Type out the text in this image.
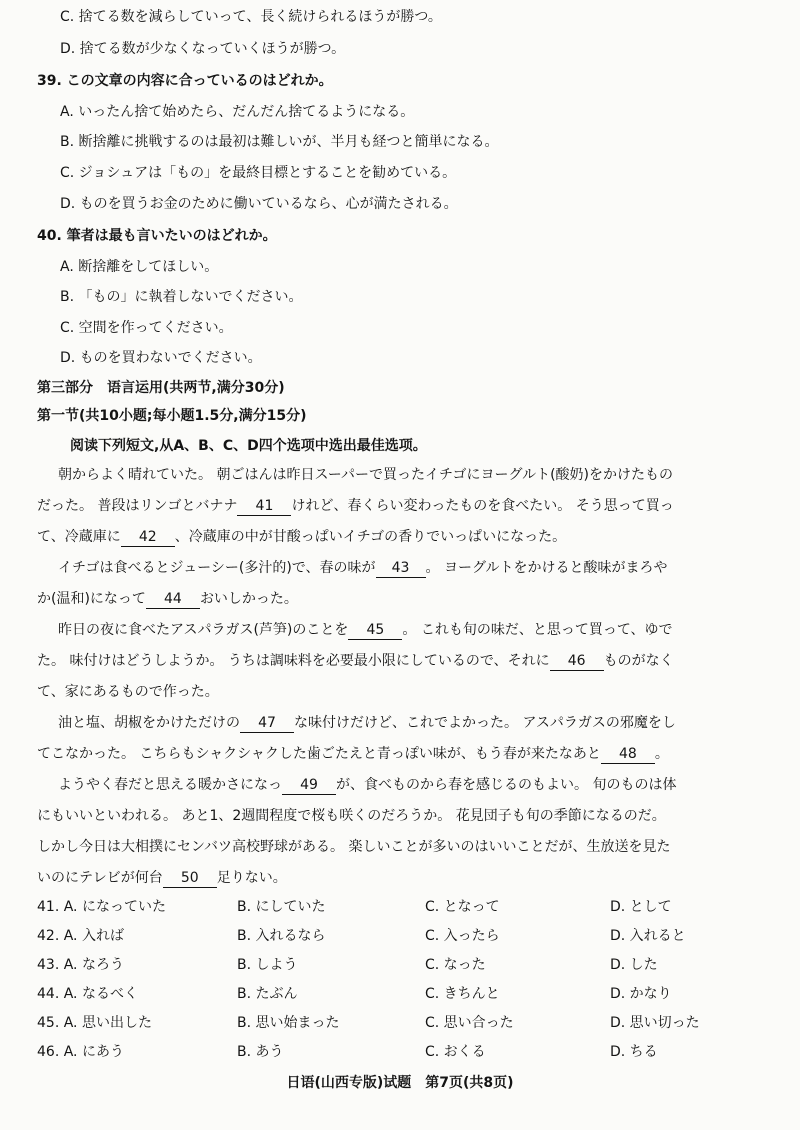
C. 捨てる数を減らしていって、長く続けられるほうが勝つ。
D. 捨てる数が少なくなっていくほうが勝つ。
39. この文章の内容に合っているのはどれか。
A. いったん捨て始めたら、だんだん捨てるようになる。
B. 断捨離に挑戦するのは最初は難しいが、半月も経つと簡単になる。
C. ジョシュアは「もの」を最終目標とすることを勧めている。
D. ものを買うお金のために働いているなら、心が満たされる。
40. 筆者は最も言いたいのはどれか。
A. 断捨離をしてほしい。
B. 「もの」に執着しないでください。
C. 空間を作ってください。
D. ものを買わないでください。
第三部分　语言运用(共两节,满分30分)
第一节(共10小题;每小题1.5分,满分15分)
阅读下列短文,从A、B、C、D四个选项中选出最佳选项。
朝からよく晴れていた。 朝ごはんは昨日スーパーで買ったイチゴにヨーグルト(酸奶)をかけたもの
だった。 普段はリンゴとバナナ 41 けれど、春くらい変わったものを食べたい。 そう思って買っ
て、冷蔵庫に 42 、冷蔵庫の中が甘酸っぱいイチゴの香りでいっぱいになった。
イチゴは食べるとジューシー(多汁的)で、春の味が 43 。 ヨーグルトをかけると酸味がまろや
か(温和)になって 44 おいしかった。
昨日の夜に食べたアスパラガス(芦笋)のことを 45 。 これも旬の味だ、と思って買って、ゆで
た。 味付けはどうしようか。 うちは調味料を必要最小限にしているので、それに 46 ものがなく
て、家にあるもので作った。
油と塩、胡椒をかけただけの 47 な味付けだけど、これでよかった。 アスパラガスの邪魔をし
てこなかった。 こちらもシャクシャクした歯ごたえと青っぽい味が、もう春が来たなあと 48 。
ようやく春だと思える暖かさになっ 49 が、食べものから春を感じるのもよい。 旬のものは体
にもいいといわれる。 あと1、2週間程度で桜も咲くのだろうか。 花見団子も旬の季節になるのだ。
しかし今日は大相撲にセンバツ高校野球がある。 楽しいことが多いのはいいことだが、生放送を見た
いのにテレビが何台 50 足りない。
41. A. になっていた	B. にしていた	C. となって	D. として
42. A. 入れば	B. 入れるなら	C. 入ったら	D. 入れると
43. A. なろう	B. しよう	C. なった	D. した
44. A. なるべく	B. たぶん	C. きちんと	D. かなり
45. A. 思い出した	B. 思い始まった	C. 思い合った	D. 思い切った
46. A. にあう	B. あう	C. おくる	D. ちる
日语(山西专版)试题　第7页(共8页)
